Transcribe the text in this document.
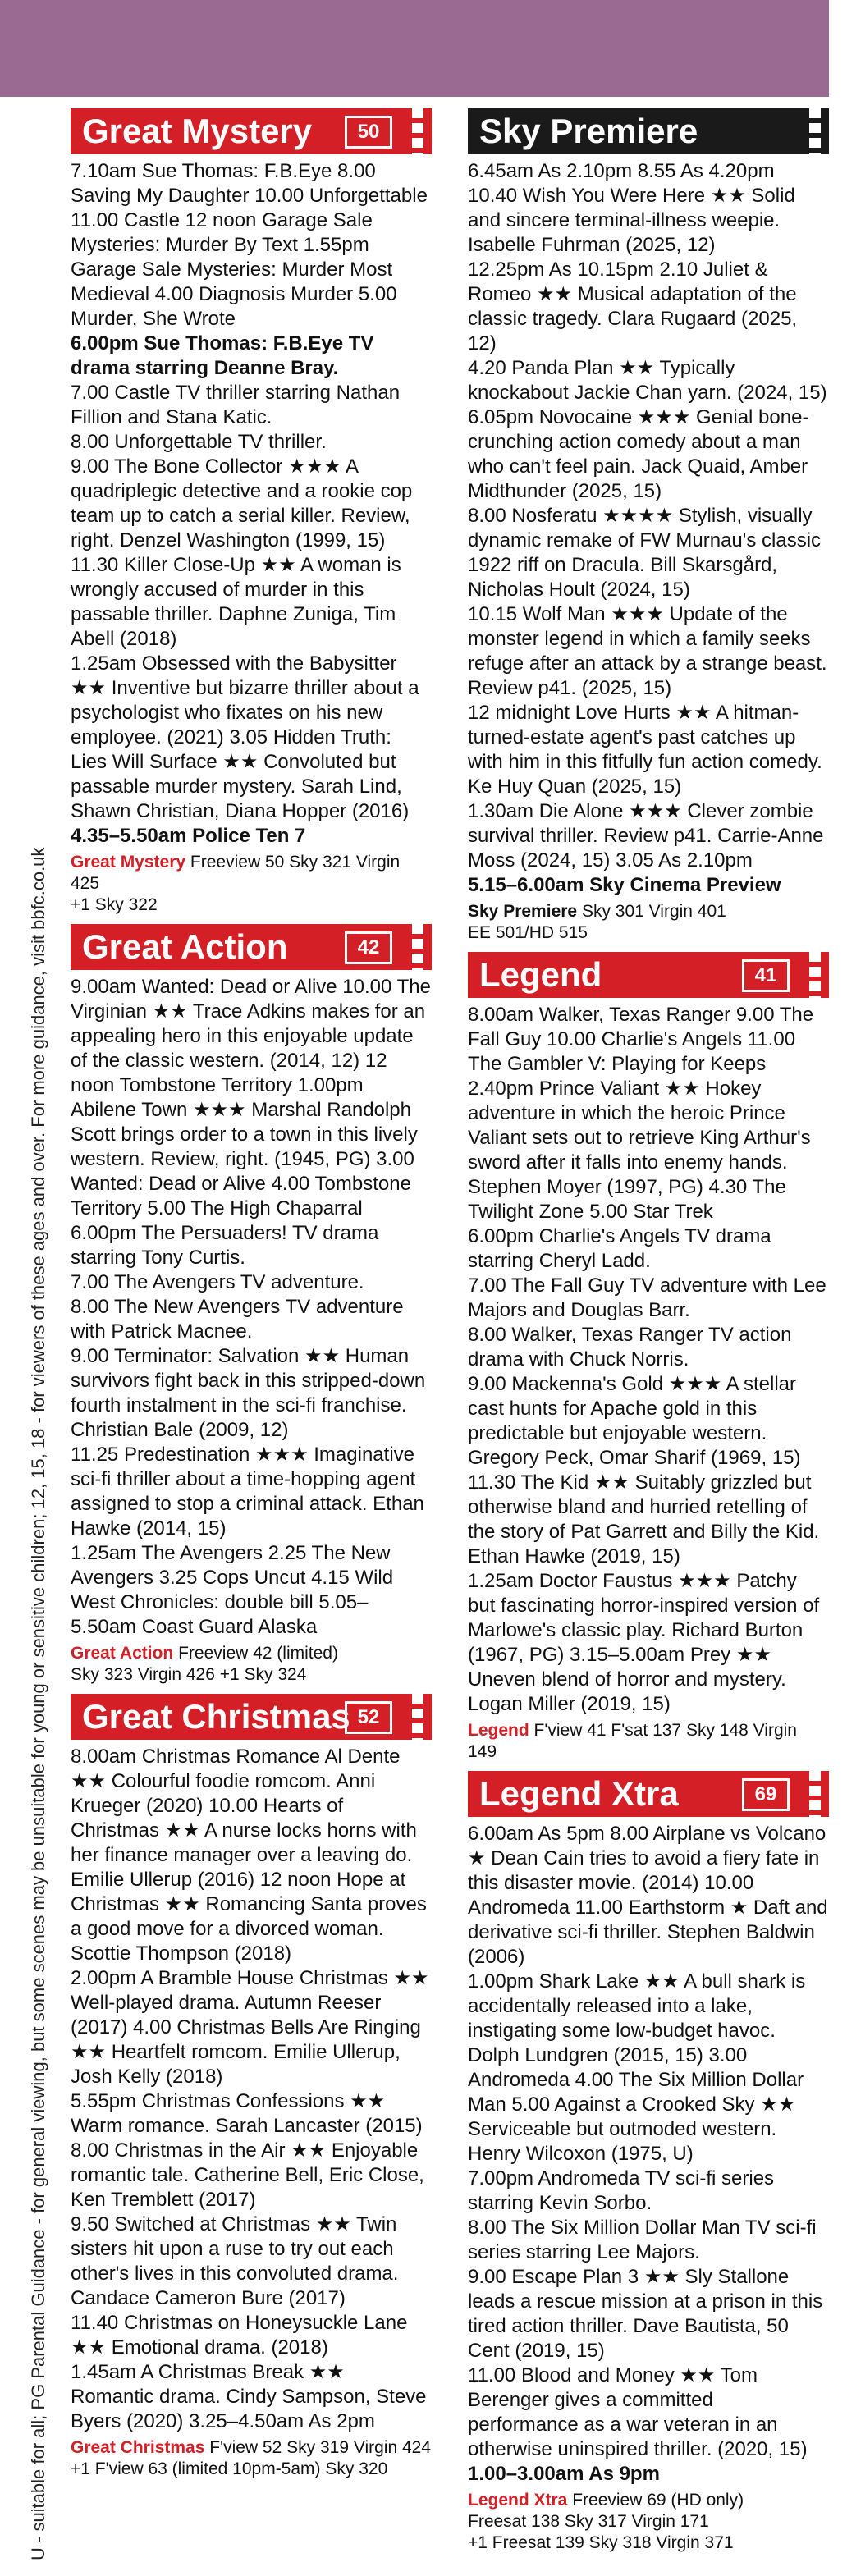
U - suitable for all; PG Parental Guidance - for general viewing, but some scenes may be unsuitable for young or sensitive children; 12, 15, 18 - for viewers of these ages and over. For more guidance, visit bbfc.co.uk
Great Mystery	50

7.10am Sue Thomas: F.B.Eye 8.00 Saving My Daughter 10.00 Unforgettable 11.00 Castle 12 noon Garage Sale Mysteries: Murder By Text 1.55pm Garage Sale Mysteries: Murder Most Medieval 4.00 Diagnosis Murder 5.00 Murder, She Wrote

6.00pm Sue Thomas: F.B.Eye TV drama starring Deanne Bray.

7.00 Castle TV thriller starring Nathan Fillion and Stana Katic.

8.00 Unforgettable TV thriller.

9.00 The Bone Collector ★★★ A quadriplegic detective and a rookie cop team up to catch a serial killer. Review, right. Denzel Washington (1999, 15)

11.30 Killer Close-Up ★★ A woman is wrongly accused of murder in this passable thriller. Daphne Zuniga, Tim Abell (2018)

1.25am Obsessed with the Babysitter ★★ Inventive but bizarre thriller about a psychologist who fixates on his new employee. (2021) 3.05 Hidden Truth: Lies Will Surface ★★ Convoluted but passable murder mystery. Sarah Lind, Shawn Christian, Diana Hopper (2016)

4.35–5.50am Police Ten 7

Great Mystery Freeview 50 Sky 321 Virgin 425
+1 Sky 322
Great Action	42

9.00am Wanted: Dead or Alive 10.00 The Virginian ★★ Trace Adkins makes for an appealing hero in this enjoyable update of the classic western. (2014, 12) 12 noon Tombstone Territory 1.00pm Abilene Town ★★★ Marshal Randolph Scott brings order to a town in this lively western. Review, right. (1945, PG) 3.00 Wanted: Dead or Alive 4.00 Tombstone Territory 5.00 The High Chaparral

6.00pm The Persuaders! TV drama starring Tony Curtis.

7.00 The Avengers TV adventure.

8.00 The New Avengers TV adventure with Patrick Macnee.

9.00 Terminator: Salvation ★★ Human survivors fight back in this stripped-down fourth instalment in the sci-fi franchise. Christian Bale (2009, 12)

11.25 Predestination ★★★ Imaginative sci-fi thriller about a time-hopping agent assigned to stop a criminal attack. Ethan Hawke (2014, 15)

1.25am The Avengers 2.25 The New Avengers 3.25 Cops Uncut 4.15 Wild West Chronicles: double bill 5.05–5.50am Coast Guard Alaska

Great Action Freeview 42 (limited)
Sky 323 Virgin 426 +1 Sky 324
Great Christmas 52

8.00am Christmas Romance Al Dente ★★ Colourful foodie romcom. Anni Krueger (2020) 10.00 Hearts of Christmas ★★ A nurse locks horns with her finance manager over a leaving do. Emilie Ullerup (2016) 12 noon Hope at Christmas ★★ Romancing Santa proves a good move for a divorced woman. Scottie Thompson (2018)

2.00pm A Bramble House Christmas ★★ Well-played drama. Autumn Reeser (2017) 4.00 Christmas Bells Are Ringing ★★ Heartfelt romcom. Emilie Ullerup, Josh Kelly (2018)

5.55pm Christmas Confessions ★★ Warm romance. Sarah Lancaster (2015)

8.00 Christmas in the Air ★★ Enjoyable romantic tale. Catherine Bell, Eric Close, Ken Tremblett (2017)

9.50 Switched at Christmas ★★ Twin sisters hit upon a ruse to try out each other's lives in this convoluted drama. Candace Cameron Bure (2017)

11.40 Christmas on Honeysuckle Lane ★★ Emotional drama. (2018)

1.45am A Christmas Break ★★ Romantic drama. Cindy Sampson, Steve Byers (2020) 3.25–4.50am As 2pm

Great Christmas F'view 52 Sky 319 Virgin 424
+1 F'view 63 (limited 10pm-5am) Sky 320
Sky Premiere

6.45am As 2.10pm 8.55 As 4.20pm 10.40 Wish You Were Here ★★ Solid and sincere terminal-illness weepie. Isabelle Fuhrman (2025, 12)

12.25pm As 10.15pm 2.10 Juliet & Romeo ★★ Musical adaptation of the classic tragedy. Clara Rugaard (2025, 12)

4.20 Panda Plan ★★ Typically knockabout Jackie Chan yarn. (2024, 15)

6.05pm Novocaine ★★★ Genial bone-crunching action comedy about a man who can't feel pain. Jack Quaid, Amber Midthunder (2025, 15)

8.00 Nosferatu ★★★★ Stylish, visually dynamic remake of FW Murnau's classic 1922 riff on Dracula. Bill Skarsgård, Nicholas Hoult (2024, 15)

10.15 Wolf Man ★★★ Update of the monster legend in which a family seeks refuge after an attack by a strange beast. Review p41. (2025, 15)

12 midnight Love Hurts ★★ A hitman-turned-estate agent's past catches up with him in this fitfully fun action comedy. Ke Huy Quan (2025, 15)

1.30am Die Alone ★★★ Clever zombie survival thriller. Review p41. Carrie-Anne Moss (2024, 15) 3.05 As 2.10pm

5.15–6.00am Sky Cinema Preview

Sky Premiere Sky 301 Virgin 401
EE 501/HD 515
Legend	41

8.00am Walker, Texas Ranger 9.00 The Fall Guy 10.00 Charlie's Angels 11.00 The Gambler V: Playing for Keeps 2.40pm Prince Valiant ★★ Hokey adventure in which the heroic Prince Valiant sets out to retrieve King Arthur's sword after it falls into enemy hands. Stephen Moyer (1997, PG) 4.30 The Twilight Zone 5.00 Star Trek

6.00pm Charlie's Angels TV drama starring Cheryl Ladd.

7.00 The Fall Guy TV adventure with Lee Majors and Douglas Barr.

8.00 Walker, Texas Ranger TV action drama with Chuck Norris.

9.00 Mackenna's Gold ★★★ A stellar cast hunts for Apache gold in this predictable but enjoyable western. Gregory Peck, Omar Sharif (1969, 15)

11.30 The Kid ★★ Suitably grizzled but otherwise bland and hurried retelling of the story of Pat Garrett and Billy the Kid. Ethan Hawke (2019, 15)

1.25am Doctor Faustus ★★★ Patchy but fascinating horror-inspired version of Marlowe's classic play. Richard Burton (1967, PG) 3.15–5.00am Prey ★★ Uneven blend of horror and mystery. Logan Miller (2019, 15)

Legend F'view 41 F'sat 137 Sky 148 Virgin 149
Legend Xtra	69

6.00am As 5pm 8.00 Airplane vs Volcano ★ Dean Cain tries to avoid a fiery fate in this disaster movie. (2014) 10.00 Andromeda 11.00 Earthstorm ★ Daft and derivative sci-fi thriller. Stephen Baldwin (2006)

1.00pm Shark Lake ★★ A bull shark is accidentally released into a lake, instigating some low-budget havoc. Dolph Lundgren (2015, 15) 3.00 Andromeda 4.00 The Six Million Dollar Man 5.00 Against a Crooked Sky ★★ Serviceable but outmoded western. Henry Wilcoxon (1975, U)

7.00pm Andromeda TV sci-fi series starring Kevin Sorbo.

8.00 The Six Million Dollar Man TV sci-fi series starring Lee Majors.

9.00 Escape Plan 3 ★★ Sly Stallone leads a rescue mission at a prison in this tired action thriller. Dave Bautista, 50 Cent (2019, 15)

11.00 Blood and Money ★★ Tom Berenger gives a committed performance as a war veteran in an otherwise uninspired thriller. (2020, 15)

1.00–3.00am As 9pm

Legend Xtra Freeview 69 (HD only)
Freesat 138 Sky 317 Virgin 171
+1 Freesat 139 Sky 318 Virgin 371
